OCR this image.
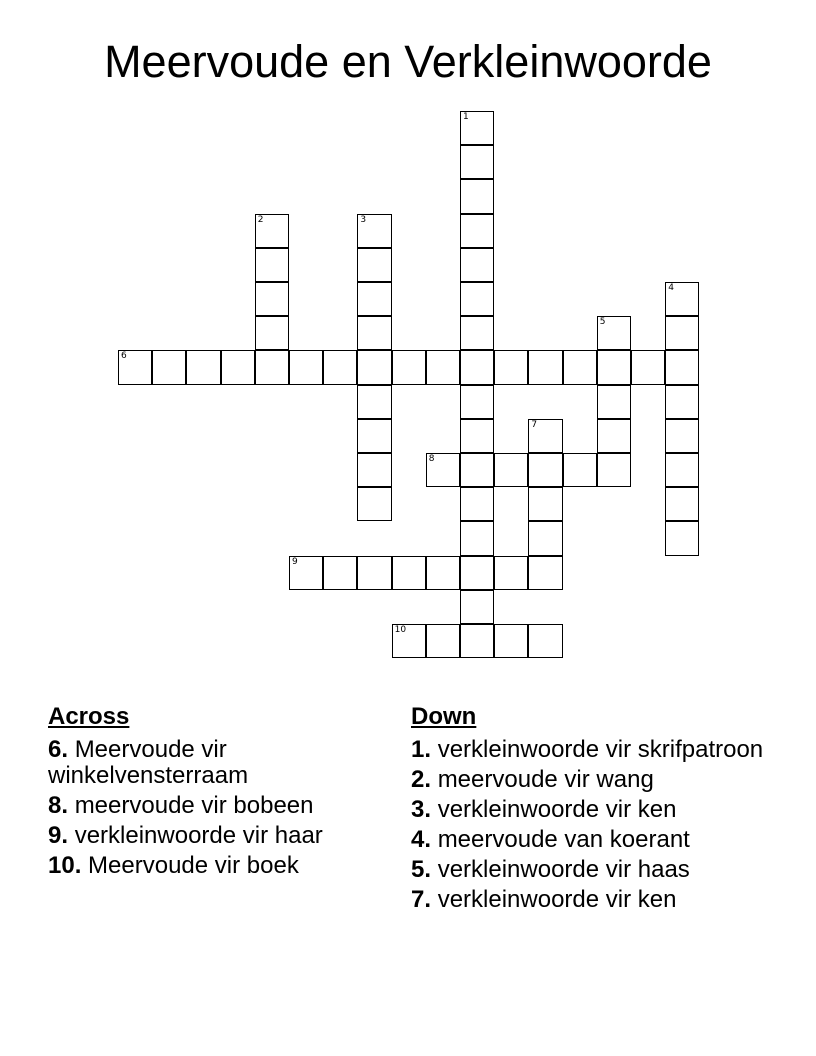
Meervoude en Verkleinwoorde
1
2	3
4
5
7
6
8
9
10
Across
6. Meervoude vir winkelvensterraam
8. meervoude vir bobeen
9. verkleinwoorde vir haar
10. Meervoude vir boek
Down
1. verkleinwoorde vir skrifpatroon
2. meervoude vir wang
3. verkleinwoorde vir ken
4. meervoude van koerant
5. verkleinwoorde vir haas
7. verkleinwoorde vir ken
